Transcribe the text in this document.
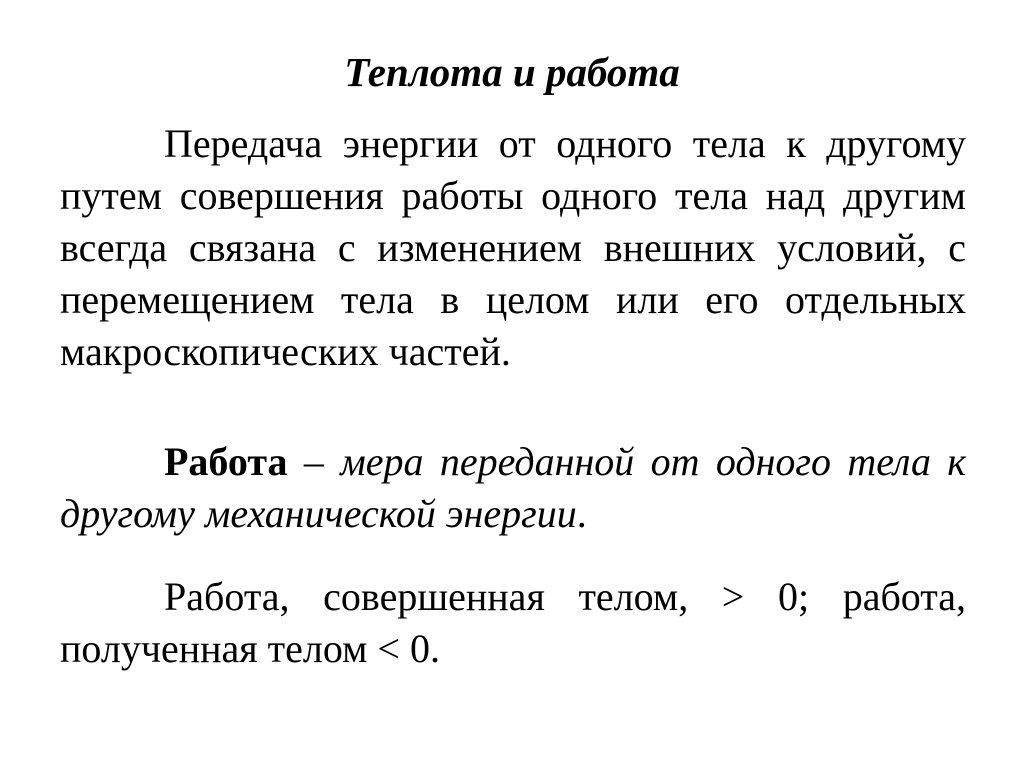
Теплота и работа

Передача энергии от одного тела к другому путем совершения работы одного тела над другим всегда связана с изменением внешних условий, с перемещением тела в целом или его отдельных макроскопических частей.

Работа – мера переданной от одного тела к другому механической энергии.

Работа, совершенная телом, > 0; работа, полученная телом < 0.
